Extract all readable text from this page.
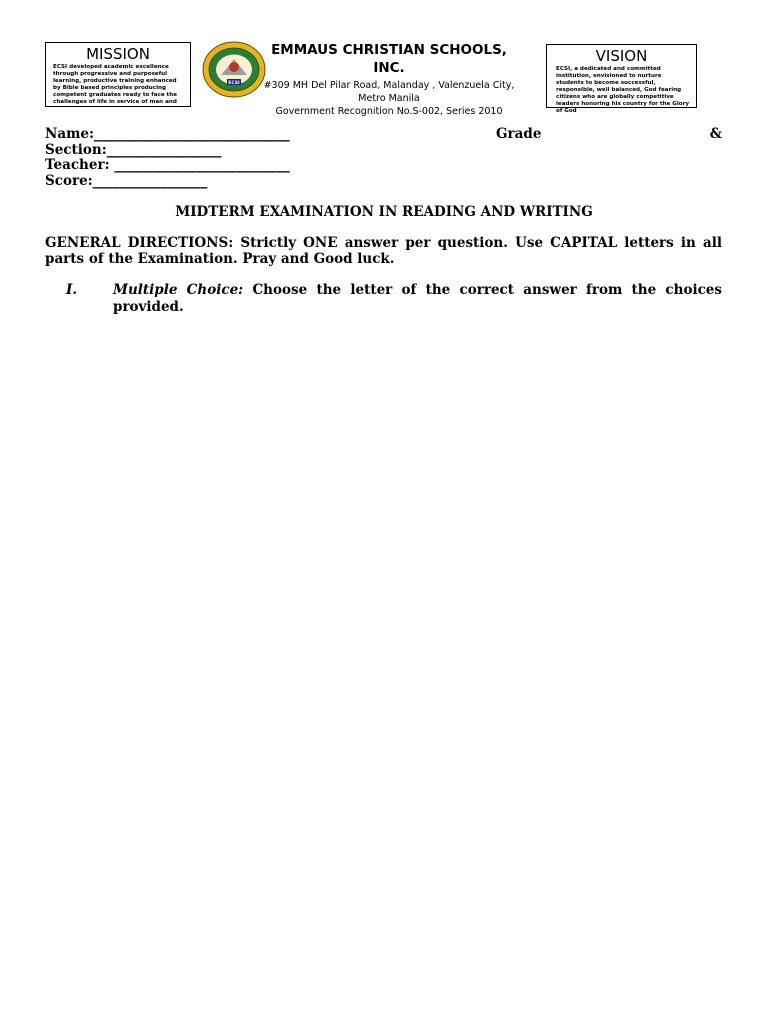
MISSION
ECSI developed academic excellence through progressive and purposeful learning, productive training enhanced by Bible based principles producing competent graduates ready to face the challenges of life in service of man and
ECSI
EMMAUS CHRISTIAN SCHOOLS,
INC.
#309 MH Del Pilar Road, Malanday , Valenzuela City,
Metro Manila
Government Recognition No.S-002, Series 2010
VISION
ECSI, a dedicated and committed institution, envisioned to nurture students to become successful, responsible, well balanced, God fearing citizens who are globally competitive leaders honoring his country for the Glory of God
Name:_____________________________	Grade	&
Section:_________________
Teacher: __________________________
Score:_________________
MIDTERM EXAMINATION IN READING AND WRITING
GENERAL DIRECTIONS: Strictly ONE answer per question. Use CAPITAL letters in all parts of the Examination. Pray and Good luck.
I.	Multiple Choice: Choose the letter of the correct answer from the choices provided.
